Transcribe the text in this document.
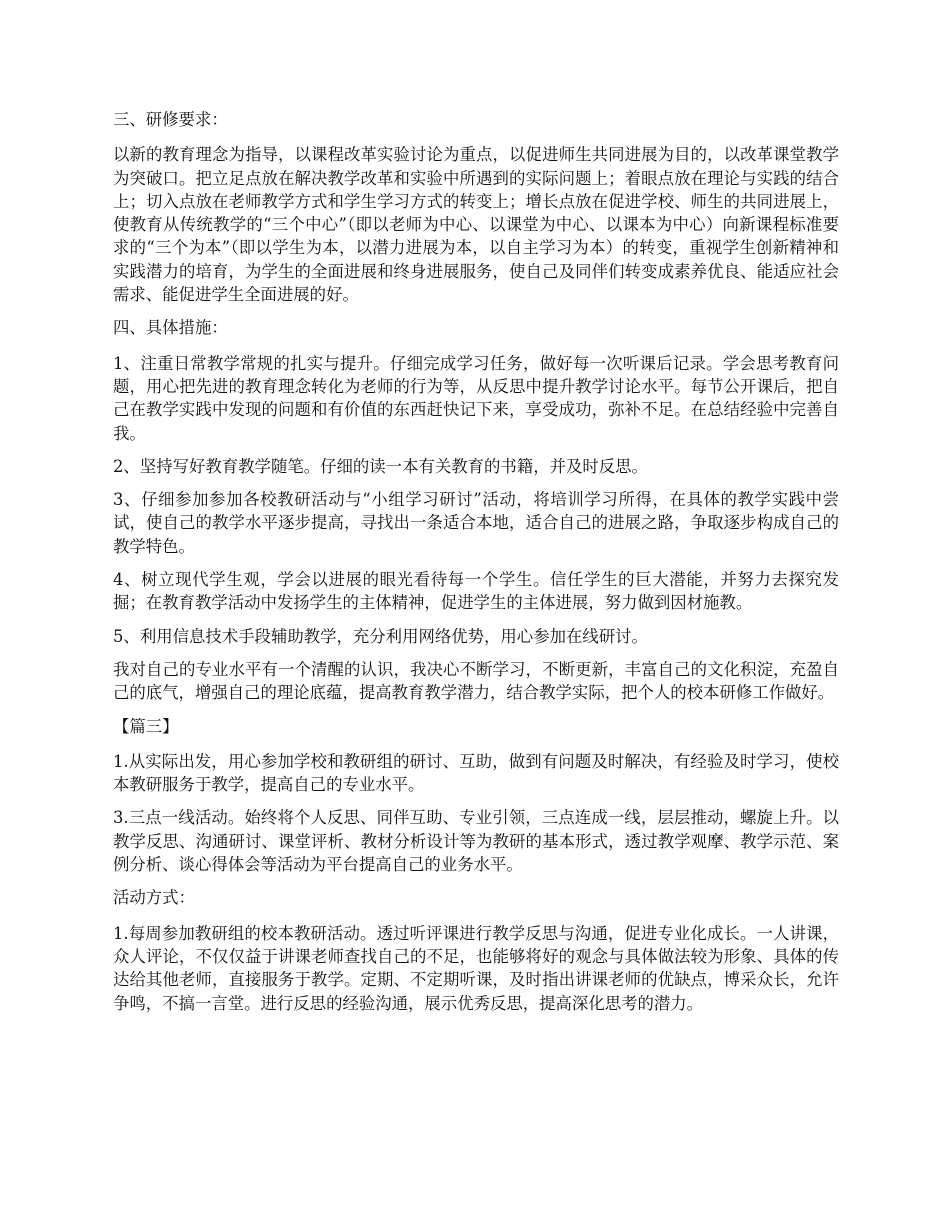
三、研修要求：

以新的教育理念为指导，以课程改革实验讨论为重点，以促进师生共同进展为目的，以改革课堂教学为突破口。把立足点放在解决教学改革和实验中所遇到的实际问题上；着眼点放在理论与实践的结合上；切入点放在老师教学方式和学生学习方式的转变上；增长点放在促进学校、师生的共同进展上，使教育从传统教学的“三个中心”（即以老师为中心、以课堂为中心、以课本为中心）向新课程标准要求的“三个为本”（即以学生为本，以潜力进展为本，以自主学习为本）的转变，重视学生创新精神和实践潜力的培育，为学生的全面进展和终身进展服务，使自己及同伴们转变成素养优良、能适应社会需求、能促进学生全面进展的好。

四、具体措施：

1、注重日常教学常规的扎实与提升。仔细完成学习任务，做好每一次听课后记录。学会思考教育问题，用心把先进的教育理念转化为老师的行为等，从反思中提升教学讨论水平。每节公开课后，把自己在教学实践中发现的问题和有价值的东西赶快记下来，享受成功，弥补不足。在总结经验中完善自我。

2、坚持写好教育教学随笔。仔细的读一本有关教育的书籍，并及时反思。

3、仔细参加参加各校教研活动与“小组学习研讨”活动，将培训学习所得，在具体的教学实践中尝试，使自己的教学水平逐步提高，寻找出一条适合本地，适合自己的进展之路，争取逐步构成自己的教学特色。

4、树立现代学生观，学会以进展的眼光看待每一个学生。信任学生的巨大潜能，并努力去探究发掘；在教育教学活动中发扬学生的主体精神，促进学生的主体进展，努力做到因材施教。

5、利用信息技术手段辅助教学，充分利用网络优势，用心参加在线研讨。

我对自己的专业水平有一个清醒的认识，我决心不断学习，不断更新，丰富自己的文化积淀，充盈自己的底气，增强自己的理论底蕴，提高教育教学潜力，结合教学实际，把个人的校本研修工作做好。

【篇三】

1.从实际出发，用心参加学校和教研组的研讨、互助，做到有问题及时解决，有经验及时学习，使校本教研服务于教学，提高自己的专业水平。

3.三点一线活动。始终将个人反思、同伴互助、专业引领，三点连成一线，层层推动，螺旋上升。以教学反思、沟通研讨、课堂评析、教材分析设计等为教研的基本形式，透过教学观摩、教学示范、案例分析、谈心得体会等活动为平台提高自己的业务水平。

活动方式：

1.每周参加教研组的校本教研活动。透过听评课进行教学反思与沟通，促进专业化成长。一人讲课，众人评论，不仅仅益于讲课老师查找自己的不足，也能够将好的观念与具体做法较为形象、具体的传达给其他老师，直接服务于教学。定期、不定期听课，及时指出讲课老师的优缺点，博采众长，允许争鸣，不搞一言堂。进行反思的经验沟通，展示优秀反思，提高深化思考的潜力。
